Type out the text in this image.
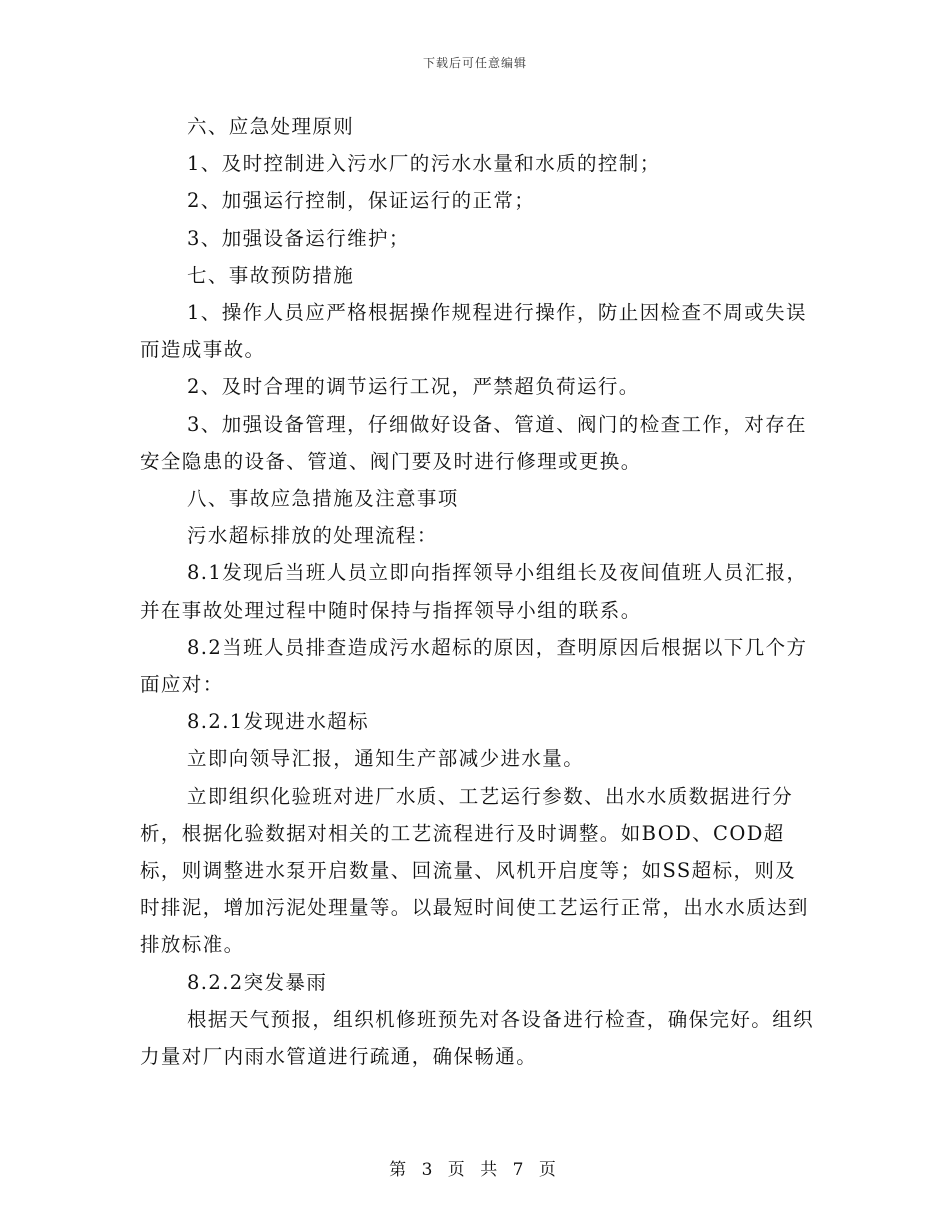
下载后可任意编辑

六、应急处理原则

1、及时控制进入污水厂的污水水量和水质的控制；

2、加强运行控制，保证运行的正常；

3、加强设备运行维护；

七、事故预防措施

1、操作人员应严格根据操作规程进行操作，防止因检查不周或失误而造成事故。

2、及时合理的调节运行工况，严禁超负荷运行。

3、加强设备管理，仔细做好设备、管道、阀门的检查工作，对存在安全隐患的设备、管道、阀门要及时进行修理或更换。

八、事故应急措施及注意事项

污水超标排放的处理流程：

8.1发现后当班人员立即向指挥领导小组组长及夜间值班人员汇报，并在事故处理过程中随时保持与指挥领导小组的联系。

8.2当班人员排查造成污水超标的原因，查明原因后根据以下几个方面应对：

8.2.1发现进水超标

立即向领导汇报，通知生产部减少进水量。

立即组织化验班对进厂水质、工艺运行参数、出水水质数据进行分析，根据化验数据对相关的工艺流程进行及时调整。如BOD、COD超标，则调整进水泵开启数量、回流量、风机开启度等；如SS超标，则及时排泥，增加污泥处理量等。以最短时间使工艺运行正常，出水水质达到排放标准。

8.2.2突发暴雨

根据天气预报，组织机修班预先对各设备进行检查，确保完好。组织力量对厂内雨水管道进行疏通，确保畅通。

第 3 页 共 7 页
